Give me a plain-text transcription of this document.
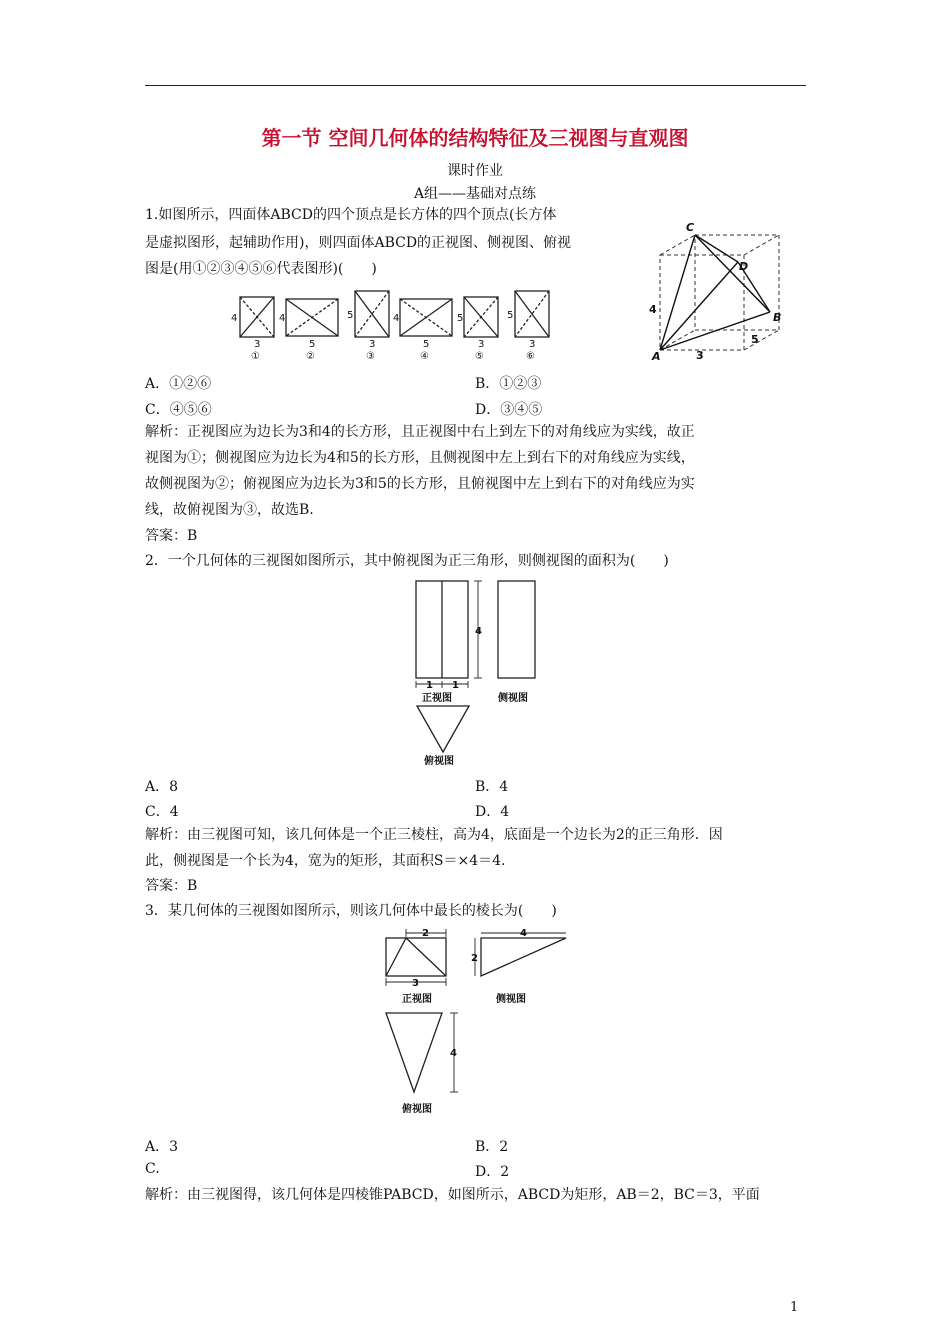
第一节 空间几何体的结构特征及三视图与直观图
课时作业
A组——基础对点练
1.如图所示，四面体ABCD的四个顶点是长方体的四个顶点(长方体
是虚拟图形，起辅助作用)，则四面体ABCD的正视图、侧视图、俯视
图是(用①②③④⑤⑥代表图形)(　　)
4
3
①
4
5
②
5
3
③
4
5
④
5
3
⑤
5
3
⑥
C
D
B
A
4
3
5
A．①②⑥	B．①②③
C．④⑤⑥	D．③④⑤
解析：正视图应为边长为3和4的长方形，且正视图中右上到左下的对角线应为实线，故正
视图为①；侧视图应为边长为4和5的长方形，且侧视图中左上到右下的对角线应为实线，
故侧视图为②；俯视图应为边长为3和5的长方形，且俯视图中左上到右下的对角线应为实
线，故俯视图为③，故选B.
答案：B
2．一个几何体的三视图如图所示，其中俯视图为正三角形，则侧视图的面积为(　　)
4
1 1
正视图	侧视图
俯视图
A．8	B．4
C．4	D．4
解析：由三视图可知，该几何体是一个正三棱柱，高为4，底面是一个边长为2的正三角形．因
此，侧视图是一个长为4，宽为的矩形，其面积S＝×4＝4.
答案：B
3．某几何体的三视图如图所示，则该几何体中最长的棱长为(　　)
2
3
4
2
4
正视图	侧视图
俯视图
A．3	B．2
C.	D．2
解析：由三视图得，该几何体是四棱锥PABCD，如图所示，ABCD为矩形，AB＝2，BC＝3，平面
1
